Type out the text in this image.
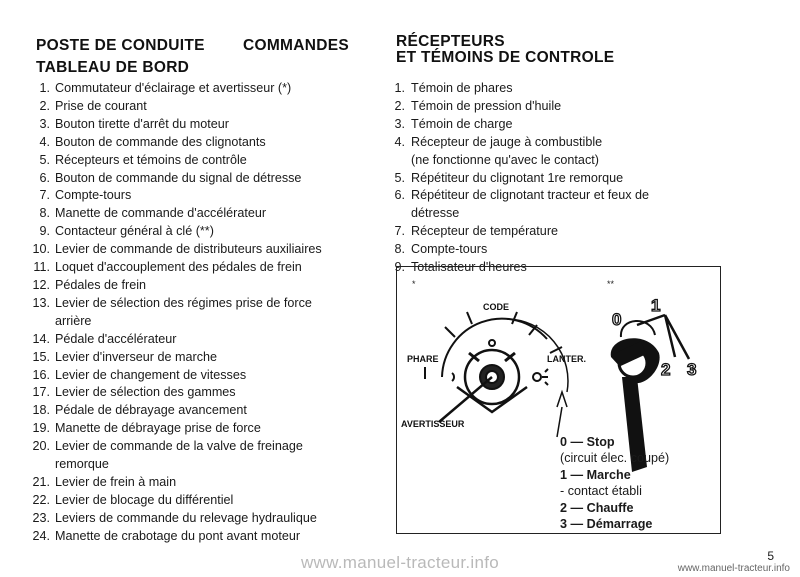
POSTE DE CONDUITE COMMANDES
TABLEAU DE BORD
1. Commutateur d'éclairage et avertisseur (*)
2. Prise de courant
3. Bouton tirette d'arrêt du moteur
4. Bouton de commande des clignotants
5. Récepteurs et témoins de contrôle
6. Bouton de commande du signal de détresse
7. Compte-tours
8. Manette de commande d'accélérateur
9. Contacteur général à clé (**)
10. Levier de commande de distributeurs auxiliaires
11. Loquet d'accouplement des pédales de frein
12. Pédales de frein
13. Levier de sélection des régimes prise de force
arrière
14. Pédale d'accélérateur
15. Levier d'inverseur de marche
16. Levier de changement de vitesses
17. Levier de sélection des gammes
18. Pédale de débrayage avancement
19. Manette de débrayage prise de force
20. Levier de commande de la valve de freinage
remorque
21. Levier de frein à main
22. Levier de blocage du différentiel
23. Leviers de commande du relevage hydraulique
24. Manette de crabotage du pont avant moteur
RÉCEPTEURS
ET TÉMOINS DE CONTROLE
1. Témoin de phares
2. Témoin de pression d'huile
3. Témoin de charge
4. Récepteur de jauge à combustible
(ne fonctionne qu'avec le contact)
5. Répétiteur du clignotant 1re remorque
6. Répétiteur de clignotant tracteur et feux de
détresse
7. Récepteur de température
8. Compte-tours
9. Totalisateur d'heures
*	**
CODE
PHARE	LANTER.
AVERTISSEUR
0
1
2 3
0 — Stop
(circuit élec. coupé)
1 — Marche
- contact établi
2 — Chauffe
3 — Démarrage
5
www.manuel-tracteur.info	www.manuel-tracteur.info
